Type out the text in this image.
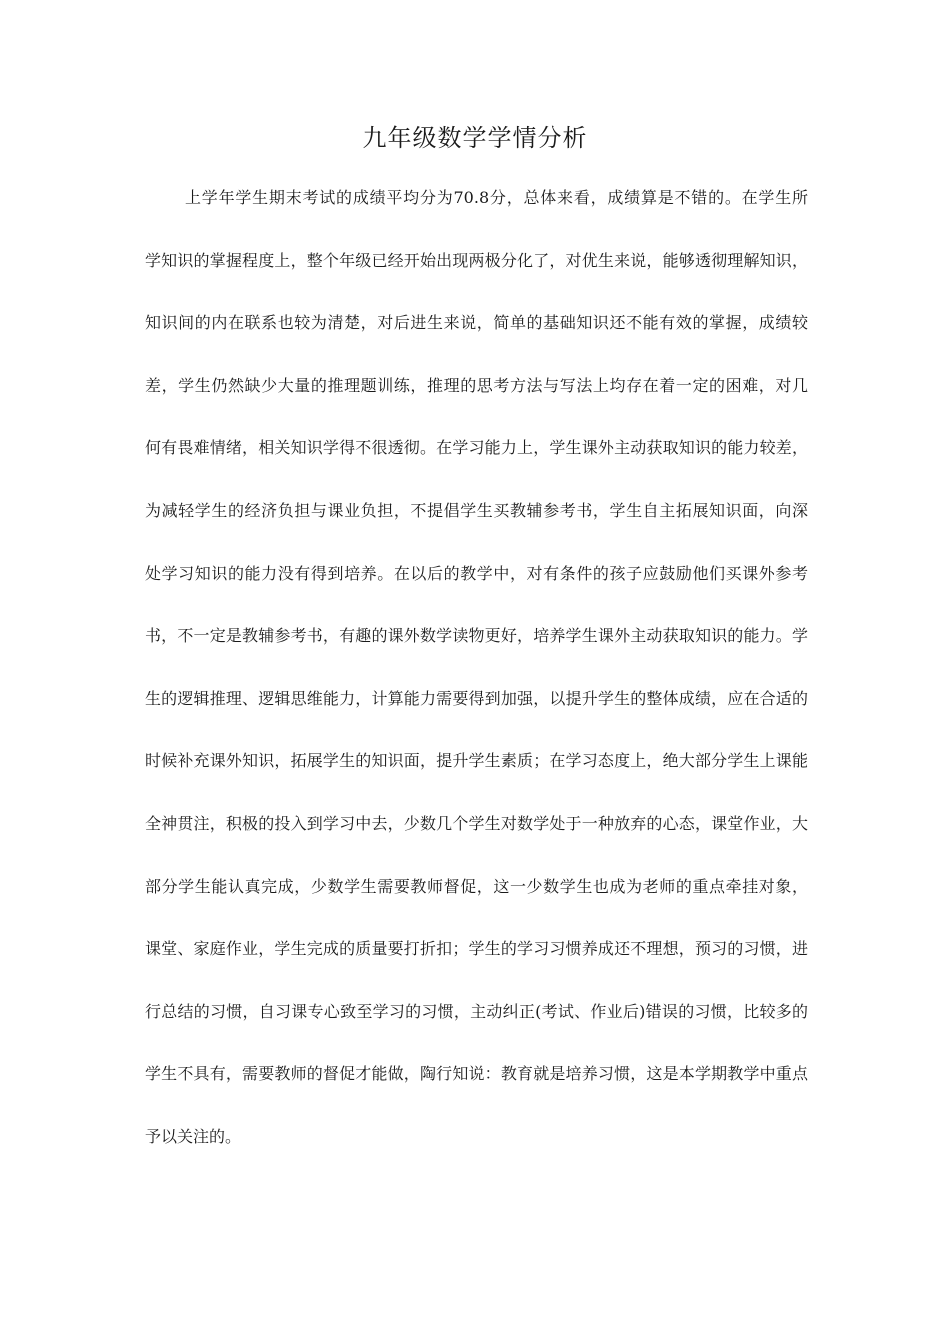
九年级数学学情分析
上学年学生期末考试的成绩平均分为70.8分，总体来看，成绩算是不错的。在学生所
学知识的掌握程度上，整个年级已经开始出现两极分化了，对优生来说，能够透彻理解知识，
知识间的内在联系也较为清楚，对后进生来说，简单的基础知识还不能有效的掌握，成绩较
差，学生仍然缺少大量的推理题训练，推理的思考方法与写法上均存在着一定的困难，对几
何有畏难情绪，相关知识学得不很透彻。在学习能力上，学生课外主动获取知识的能力较差，
为减轻学生的经济负担与课业负担，不提倡学生买教辅参考书，学生自主拓展知识面，向深
处学习知识的能力没有得到培养。在以后的教学中，对有条件的孩子应鼓励他们买课外参考
书，不一定是教辅参考书，有趣的课外数学读物更好，培养学生课外主动获取知识的能力。学
生的逻辑推理、逻辑思维能力，计算能力需要得到加强，以提升学生的整体成绩，应在合适的
时候补充课外知识，拓展学生的知识面，提升学生素质；在学习态度上，绝大部分学生上课能
全神贯注，积极的投入到学习中去，少数几个学生对数学处于一种放弃的心态，课堂作业，大
部分学生能认真完成，少数学生需要教师督促，这一少数学生也成为老师的重点牵挂对象，
课堂、家庭作业，学生完成的质量要打折扣；学生的学习习惯养成还不理想，预习的习惯，进
行总结的习惯，自习课专心致至学习的习惯，主动纠正(考试、作业后)错误的习惯，比较多的
学生不具有，需要教师的督促才能做，陶行知说：教育就是培养习惯，这是本学期教学中重点
予以关注的。
